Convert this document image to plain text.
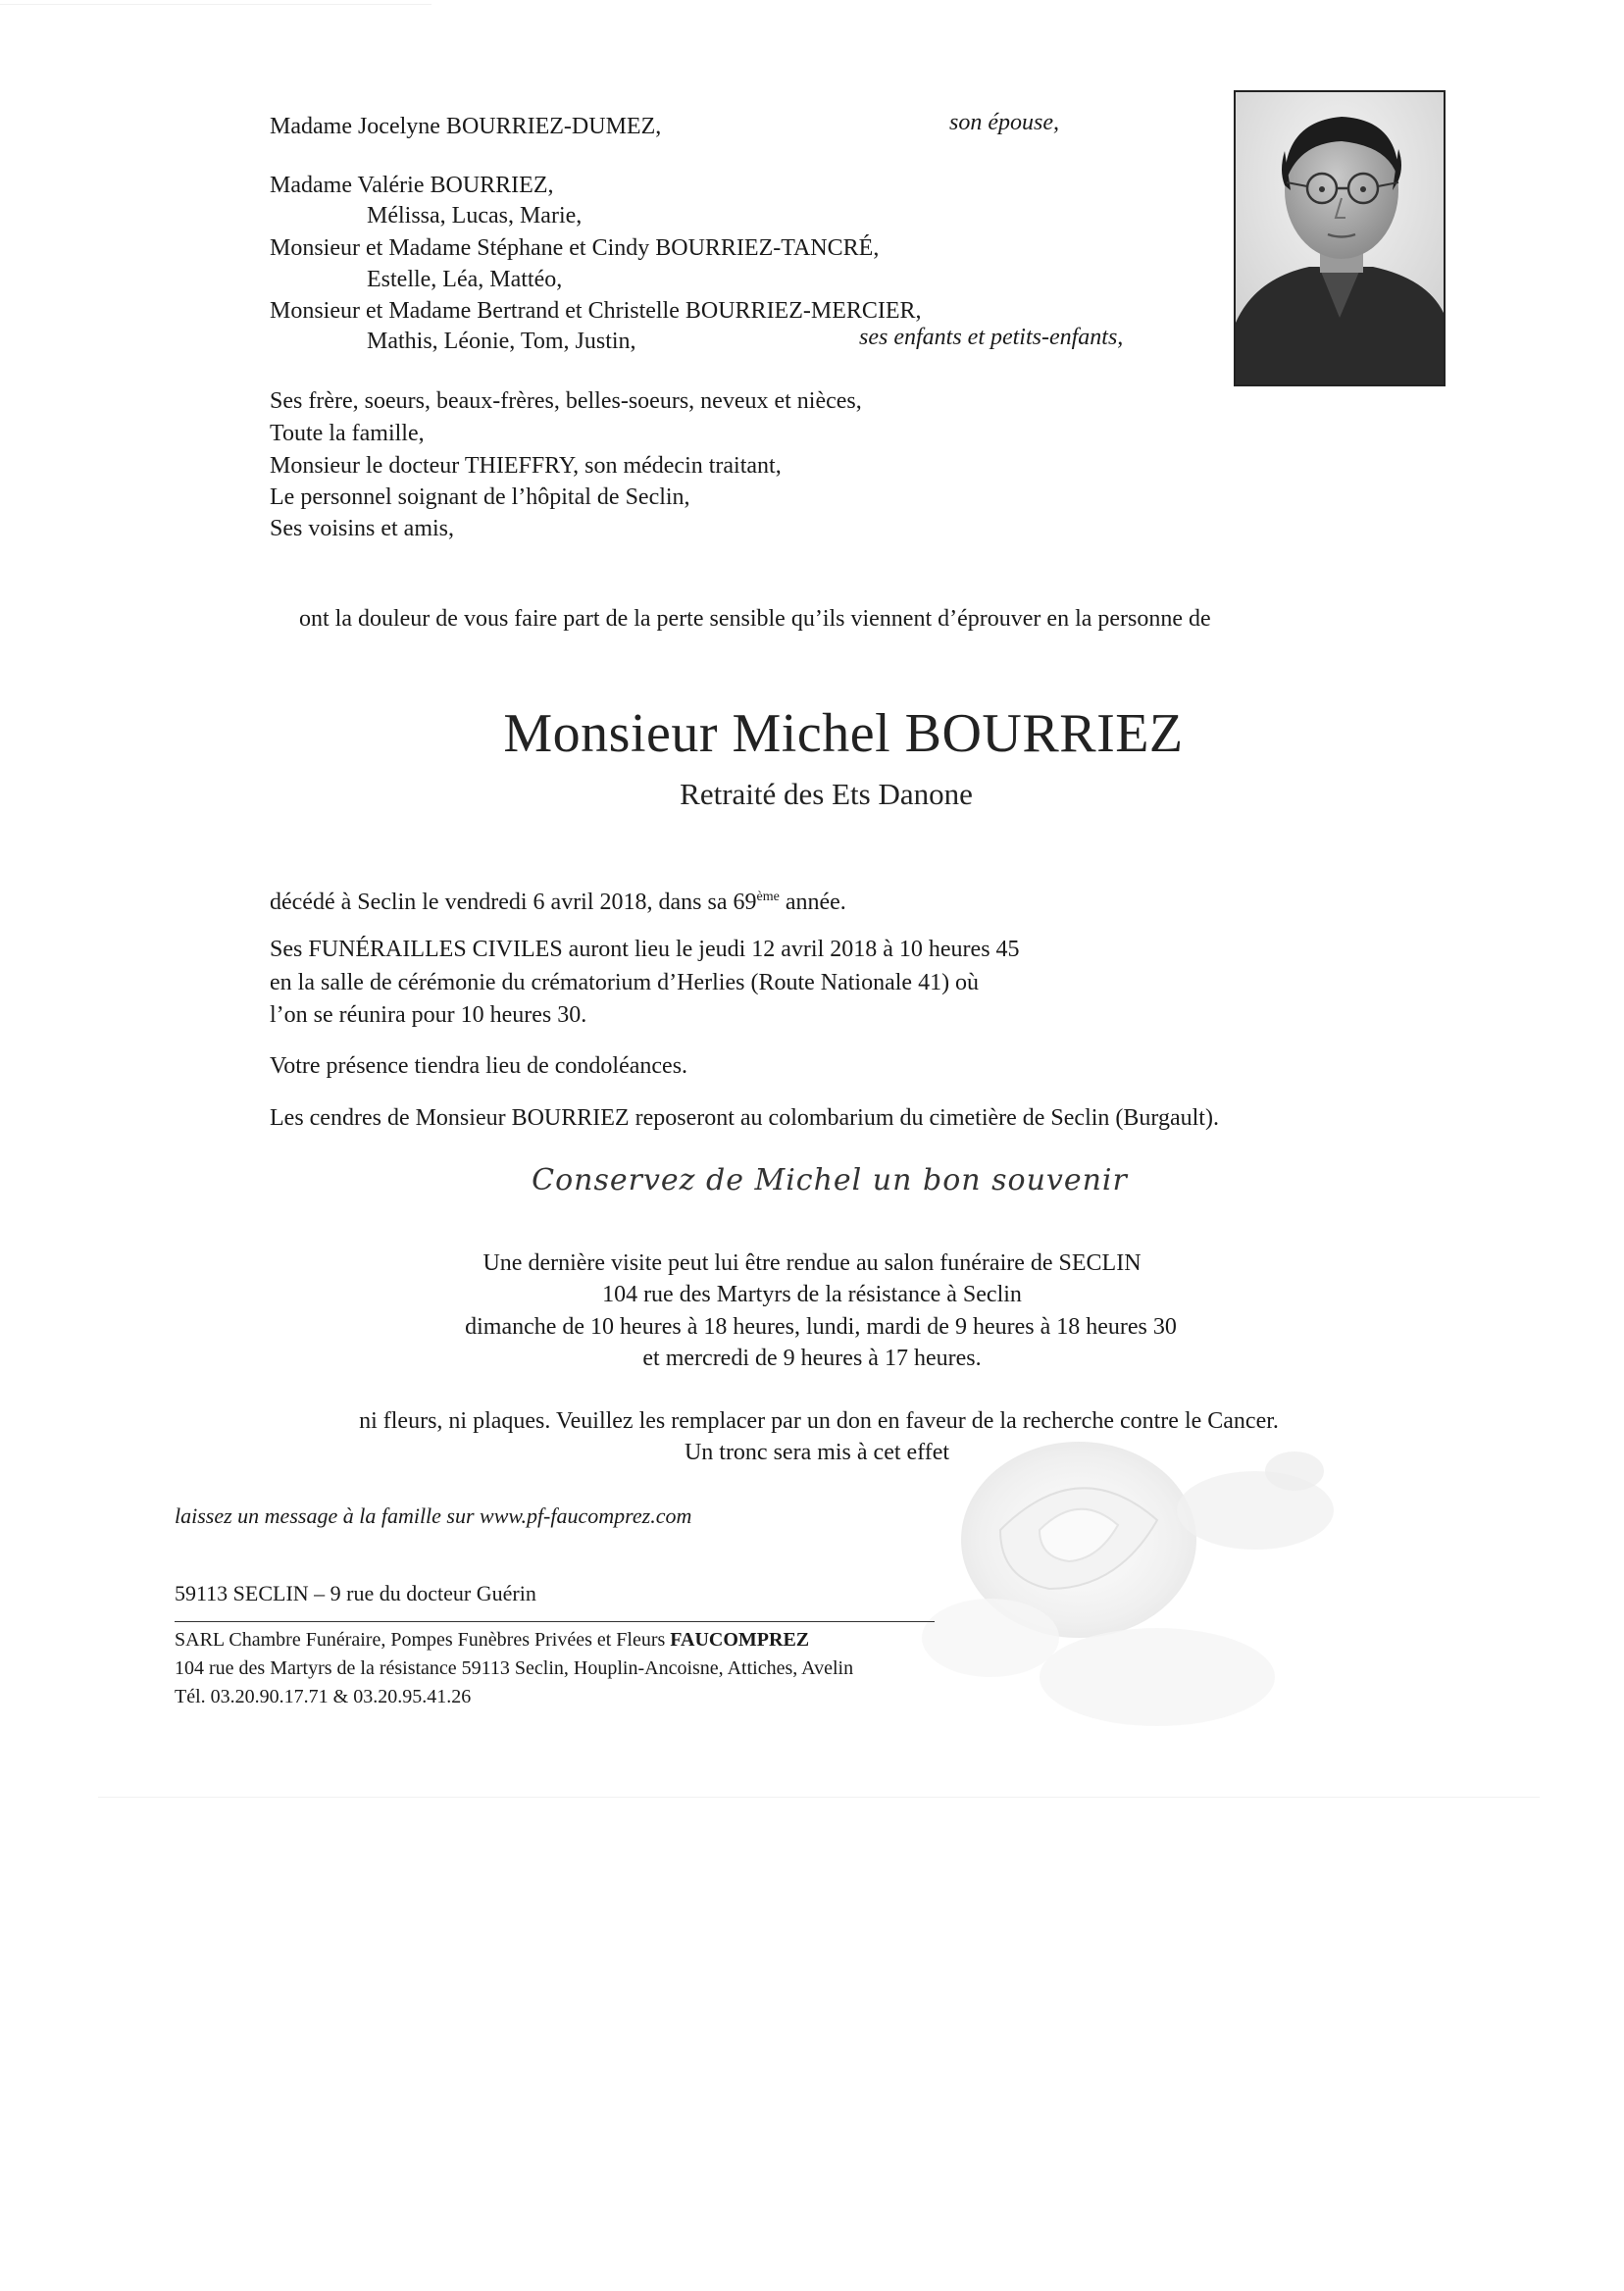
Madame Jocelyne BOURRIEZ-DUMEZ,	son épouse,
Madame Valérie BOURRIEZ,
Mélissa, Lucas, Marie,
Monsieur et Madame Stéphane et Cindy BOURRIEZ-TANCRÉ,
Estelle, Léa, Mattéo,
Monsieur et Madame Bertrand et Christelle BOURRIEZ-MERCIER,
Mathis, Léonie, Tom, Justin,	ses enfants et petits-enfants,
Ses frère, soeurs, beaux-frères, belles-soeurs, neveux et nièces,
Toute la famille,
Monsieur le docteur THIEFFRY, son médecin traitant,
Le personnel soignant de l’hôpital de Seclin,
Ses voisins et amis,
ont la douleur de vous faire part de la perte sensible qu’ils viennent d’éprouver en la personne de
Monsieur Michel BOURRIEZ
Retraité des Ets Danone
décédé à Seclin le vendredi 6 avril 2018, dans sa 69ème année.
Ses FUNÉRAILLES CIVILES auront lieu le jeudi 12 avril 2018 à 10 heures 45
en la salle de cérémonie du crématorium d’Herlies (Route Nationale 41) où
l’on se réunira pour 10 heures 30.
Votre présence tiendra lieu de condoléances.
Les cendres de Monsieur BOURRIEZ reposeront au colombarium du cimetière de Seclin (Burgault).
Conservez de Michel un bon souvenir
Une dernière visite peut lui être rendue au salon funéraire de SECLIN
104 rue des Martyrs de la résistance à Seclin
dimanche de 10 heures à 18 heures, lundi, mardi de 9 heures à 18 heures 30
et mercredi de 9 heures à 17 heures.
ni fleurs, ni plaques. Veuillez les remplacer par un don en faveur de la recherche contre le Cancer.
Un tronc sera mis à cet effet
laissez un message à la famille sur www.pf-faucomprez.com
59113 SECLIN – 9 rue du docteur Guérin
SARL Chambre Funéraire, Pompes Funèbres Privées et Fleurs FAUCOMPREZ
104 rue des Martyrs de la résistance 59113 Seclin, Houplin-Ancoisne, Attiches, Avelin
Tél. 03.20.90.17.71 & 03.20.95.41.26
